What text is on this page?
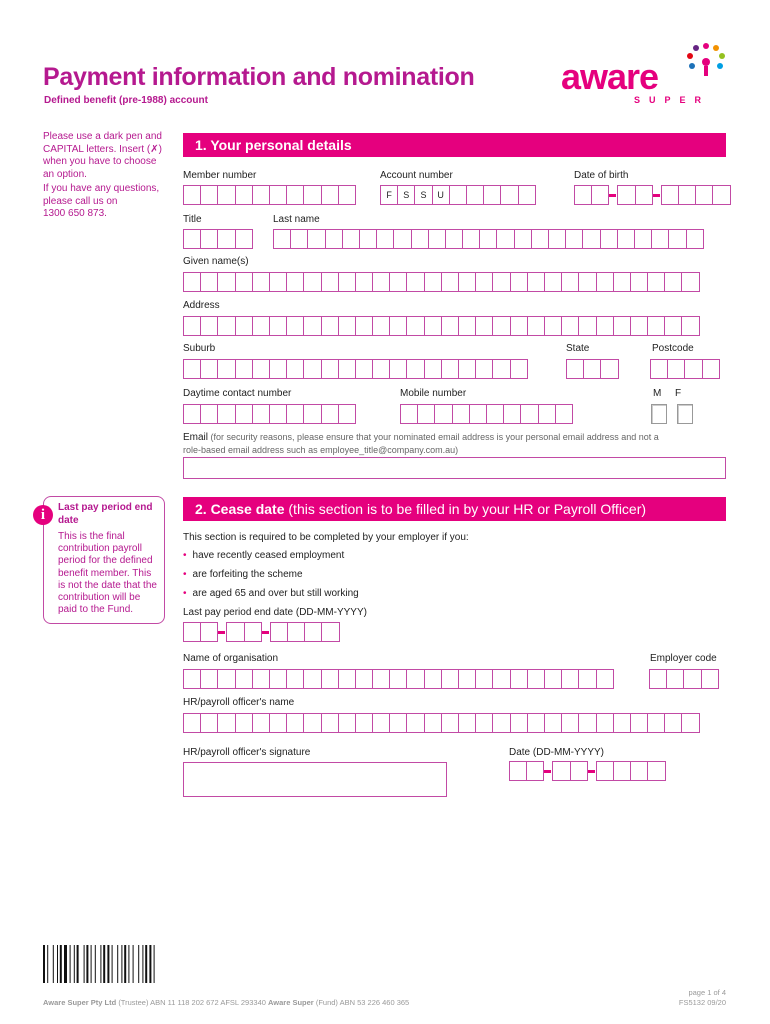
Payment information and nomination
Defined benefit (pre-1988) account
aware
SUPER
Please use a dark pen and CAPITAL letters. Insert (✗) when you have to choose an option.
If you have any questions, please call us on
1300 650 873.
1. Your personal details
Member number	Account number
F	S	S	U
Date of birth
Title	Last name
Given name(s)
Address
Suburb	State	Postcode
Daytime contact number	Mobile number	M F
Email (for security reasons, please ensure that your nominated email address is your personal email address and not a
role-based email address such as employee_title@company.com.au)
i	Last pay period end date
This is the final contribution payroll period for the defined benefit member. This is not the date that the contribution will be paid to the Fund.
2. Cease date (this section is to be filled in by your HR or Payroll Officer)
This section is required to be completed by your employer if you:
• have recently ceased employment
• are forfeiting the scheme
• are aged 65 and over but still working
Last pay period end date (DD-MM-YYYY)
Name of organisation	Employer code
HR/payroll officer's name
HR/payroll officer's signature	Date (DD-MM-YYYY)
Aware Super Pty Ltd (Trustee) ABN 11 118 202 672 AFSL 293340 Aware Super (Fund) ABN 53 226 460 365
page 1 of 4
FS5132 09/20
